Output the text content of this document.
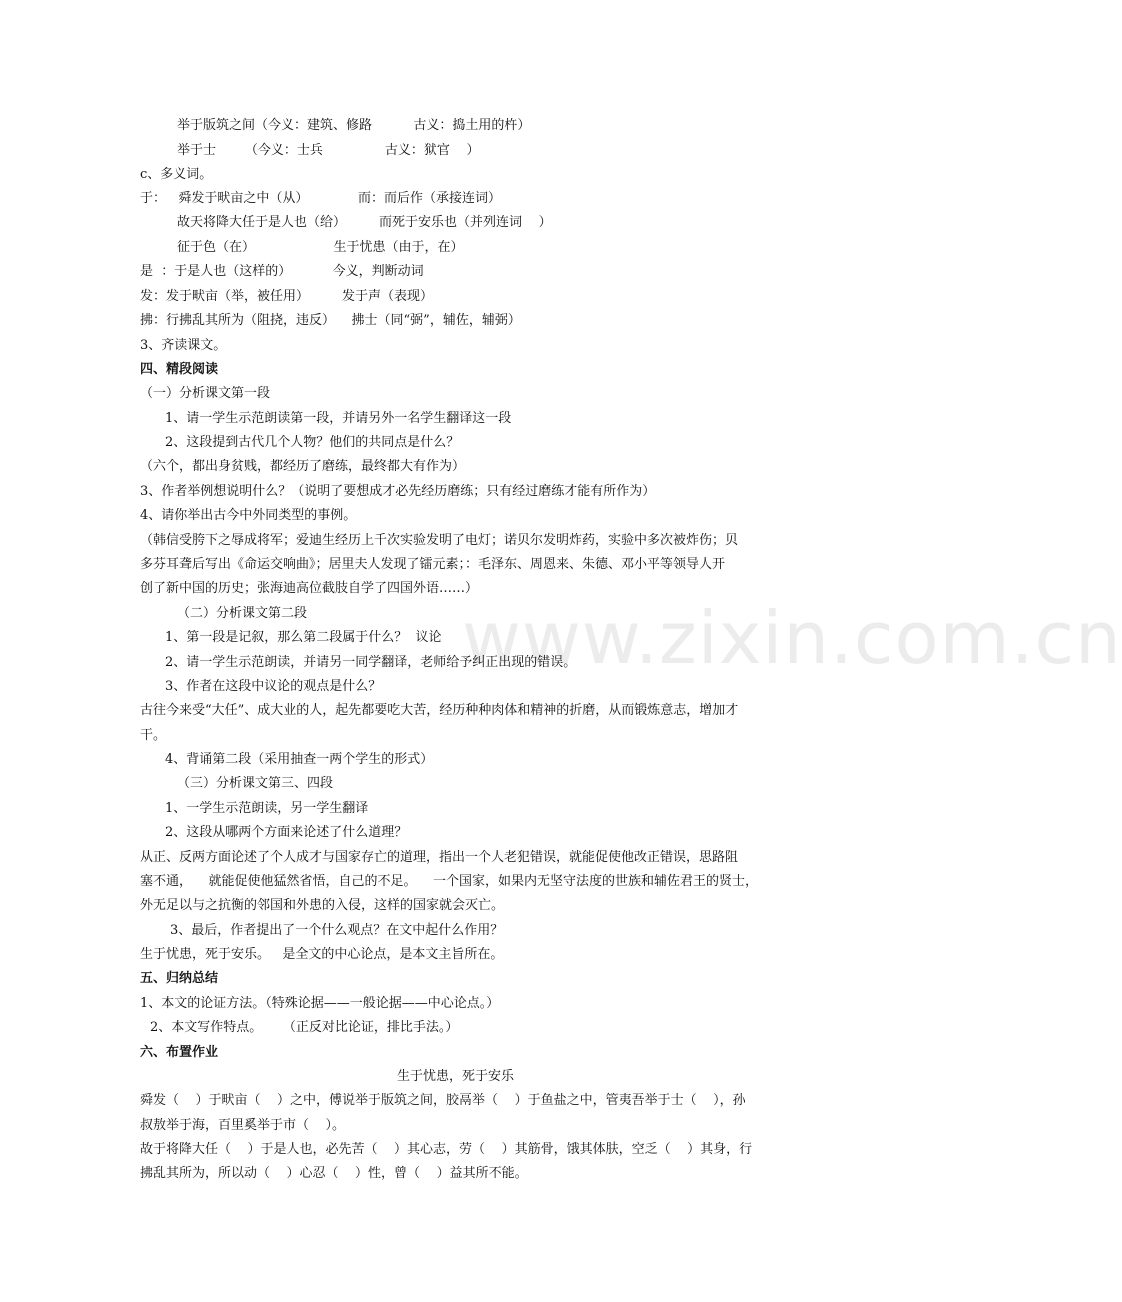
www.zixin.com.cn
举于版筑之间（今义：建筑、修路          古义：捣土用的杵）
举于士       （今义：士兵               古义：狱官    ）
c、多义词。
于：   舜发于畎亩之中（从）            而：而后作（承接连词）
故天将降大任于是人也（给）        而死于安乐也（并列连词    ）
征于色（在）                   生于忧患（由于，在）
是  ：于是人也（这样的）          今义，判断动词
发：发于畎亩（举，被任用）        发于声（表现）
拂：行拂乱其所为（阻挠，违反）    拂士（同“弼”，辅佐，辅弼）
3、齐读课文。
四、精段阅读
（一）分析课文第一段
1、请一学生示范朗读第一段，并请另外一名学生翻译这一段
2、这段提到古代几个人物？他们的共同点是什么？
（六个，都出身贫贱，都经历了磨练，最终都大有作为）
3、作者举例想说明什么？（说明了要想成才必先经历磨练；只有经过磨练才能有所作为）
4、请你举出古今中外同类型的事例。
（韩信受胯下之辱成将军；爱迪生经历上千次实验发明了电灯；诺贝尔发明炸药，实验中多次被炸伤；贝
多芬耳聋后写出《命运交响曲》；居里夫人发现了镭元素；：毛泽东、周恩来、朱德、邓小平等领导人开
创了新中国的历史；张海迪高位截肢自学了四国外语……）
（二）分析课文第二段
1、第一段是记叙，那么第二段属于什么？  议论
2、请一学生示范朗读，并请另一同学翻译，老师给予纠正出现的错误。
3、作者在这段中议论的观点是什么？
古往今来受“大任”、成大业的人，起先都要吃大苦，经历种种肉体和精神的折磨，从而锻炼意志，增加才
干。
4、背诵第二段（采用抽查一两个学生的形式）
（三）分析课文第三、四段
1、一学生示范朗读，另一学生翻译
2、这段从哪两个方面来论述了什么道理？
从正、反两方面论述了个人成才与国家存亡的道理，指出一个人老犯错误，就能促使他改正错误，思路阻
塞不通，    就能促使他猛然省悟，自己的不足。    一个国家，如果内无坚守法度的世族和辅佐君王的贤士，
外无足以与之抗衡的邻国和外患的入侵，这样的国家就会灭亡。
3、最后，作者提出了一个什么观点？在文中起什么作用？
生于忧患，死于安乐。   是全文的中心论点，是本文主旨所在。
五、归纳总结
1、本文的论证方法。（特殊论据——一般论据——中心论点。）
2、本文写作特点。     （正反对比论证，排比手法。）
六、布置作业
生于忧患，死于安乐
舜发（    ）于畎亩（    ）之中，傅说举于版筑之间，胶鬲举（    ）于鱼盐之中，管夷吾举于士（    ），孙
叔敖举于海，百里奚举于市（    ）。
故于将降大任（    ）于是人也，必先苦（    ）其心志，劳（    ）其筋骨，饿其体肤，空乏（    ）其身，行
拂乱其所为，所以动（    ）心忍（    ）性，曾（    ）益其所不能。
